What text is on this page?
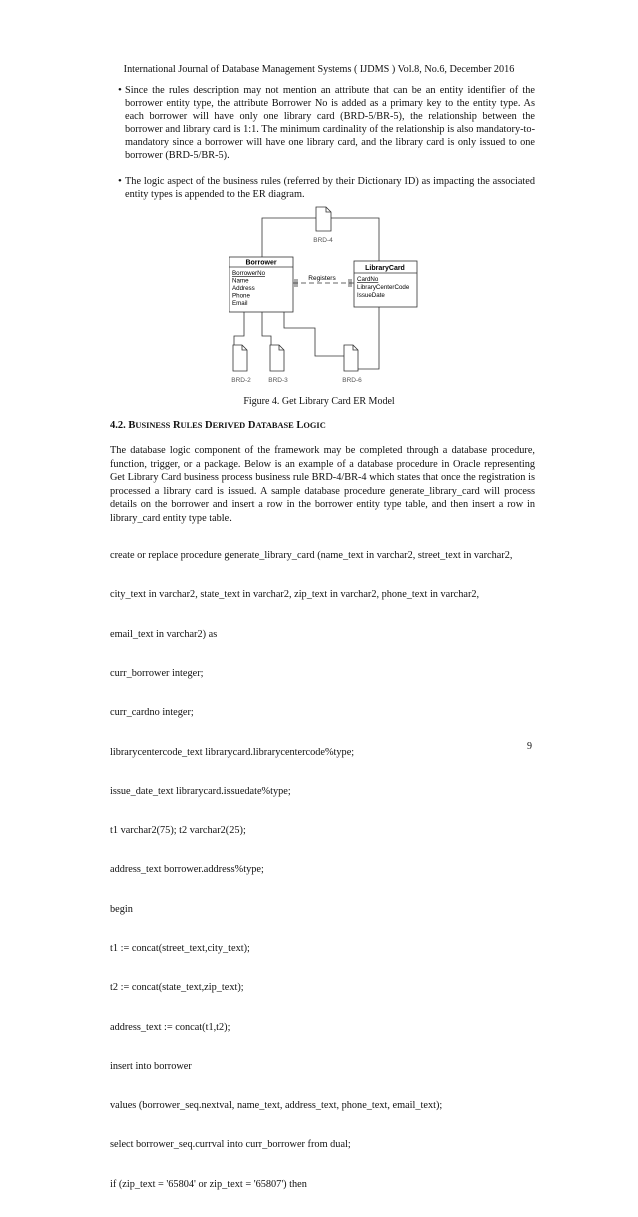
International Journal of Database Management Systems ( IJDMS ) Vol.8, No.6, December 2016
• Since the rules description may not mention an attribute that can be an entity identifier of the borrower entity type, the attribute Borrower No is added as a primary key to the entity type. As each borrower will have only one library card (BRD-5/BR-5), the relationship between the borrower and library card is 1:1. The minimum cardinality of the relationship is also mandatory-to-mandatory since a borrower will have one library card, and the library card is only issued to one borrower (BRD-5/BR-5).
• The logic aspect of the business rules (referred by their Dictionary ID) as impacting the associated entity types is appended to the ER diagram.
BRD-4
Borrower
BorrowerNo
Name
Address
Phone
Email
Registers
LibraryCard
CardNo
LibraryCenterCode
IssueDate
BRD-2	BRD-3	BRD-6
Figure 4. Get Library Card ER Model
4.2. BUSINESS RULES DERIVED DATABASE LOGIC
The database logic component of the framework may be completed through a database procedure, function, trigger, or a package. Below is an example of a database procedure in Oracle representing Get Library Card business process business rule BRD-4/BR-4 which states that once the registration is processed a library card is issued. A sample database procedure generate_library_card will process details on the borrower and insert a row in the borrower entity type table, and then insert a row in library_card entity type table.

create or replace procedure generate_library_card (name_text in varchar2, street_text in varchar2,

city_text in varchar2, state_text in varchar2, zip_text in varchar2, phone_text in varchar2,

email_text in varchar2) as

curr_borrower integer;

curr_cardno integer;

librarycentercode_text librarycard.librarycentercode%type;

issue_date_text librarycard.issuedate%type;

t1 varchar2(75); t2 varchar2(25);

address_text borrower.address%type;

begin

t1 := concat(street_text,city_text);

t2 := concat(state_text,zip_text);

address_text := concat(t1,t2);

insert into borrower

values (borrower_seq.nextval, name_text, address_text, phone_text, email_text);

select borrower_seq.currval into curr_borrower from dual;

if (zip_text = '65804' or zip_text = '65807') then

9
